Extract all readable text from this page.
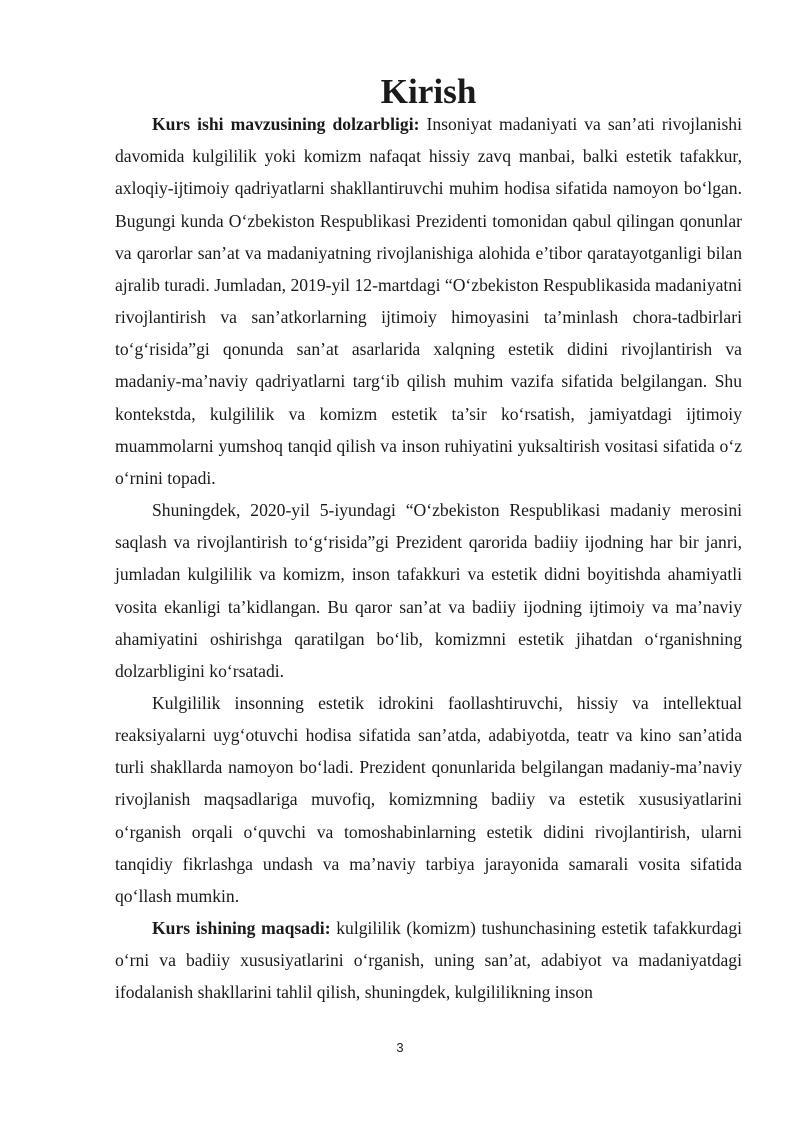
Kirish

Kurs ishi mavzusining dolzarbligi: Insoniyat madaniyati va san’ati rivojlanishi davomida kulgililik yoki komizm nafaqat hissiy zavq manbai, balki estetik tafakkur, axloqiy-ijtimoiy qadriyatlarni shakllantiruvchi muhim hodisa sifatida namoyon bo‘lgan. Bugungi kunda O‘zbekiston Respublikasi Prezidenti tomonidan qabul qilingan qonunlar va qarorlar san’at va madaniyatning rivojlanishiga alohida e’tibor qaratayotganligi bilan ajralib turadi. Jumladan, 2019-yil 12-martdagi “O‘zbekiston Respublikasida madaniyatni rivojlantirish va san’atkorlarning ijtimoiy himoyasini ta’minlash chora-tadbirlari to‘g‘risida”gi qonunda san’at asarlarida xalqning estetik didini rivojlantirish va madaniy-ma’naviy qadriyatlarni targ‘ib qilish muhim vazifa sifatida belgilangan. Shu kontekstda, kulgililik va komizm estetik ta’sir ko‘rsatish, jamiyatdagi ijtimoiy muammolarni yumshoq tanqid qilish va inson ruhiyatini yuksaltirish vositasi sifatida o‘z o‘rnini topadi.

Shuningdek, 2020-yil 5-iyundagi “O‘zbekiston Respublikasi madaniy merosini saqlash va rivojlantirish to‘g‘risida”gi Prezident qarorida badiiy ijodning har bir janri, jumladan kulgililik va komizm, inson tafakkuri va estetik didni boyitishda ahamiyatli vosita ekanligi ta’kidlangan. Bu qaror san’at va badiiy ijodning ijtimoiy va ma’naviy ahamiyatini oshirishga qaratilgan bo‘lib, komizmni estetik jihatdan o‘rganishning dolzarbligini ko‘rsatadi.

Kulgililik insonning estetik idrokini faollashtiruvchi, hissiy va intellektual reaksiyalarni uyg‘otuvchi hodisa sifatida san’atda, adabiyotda, teatr va kino san’atida turli shakllarda namoyon bo‘ladi. Prezident qonunlarida belgilangan madaniy-ma’naviy rivojlanish maqsadlariga muvofiq, komizmning badiiy va estetik xususiyatlarini o‘rganish orqali o‘quvchi va tomoshabinlarning estetik didini rivojlantirish, ularni tanqidiy fikrlashga undash va ma’naviy tarbiya jarayonida samarali vosita sifatida qo‘llash mumkin.

Kurs ishining maqsadi: kulgililik (komizm) tushunchasining estetik tafakkurdagi o‘rni va badiiy xususiyatlarini o‘rganish, uning san’at, adabiyot va madaniyatdagi ifodalanish shakllarini tahlil qilish, shuningdek, kulgililikning inson

3
